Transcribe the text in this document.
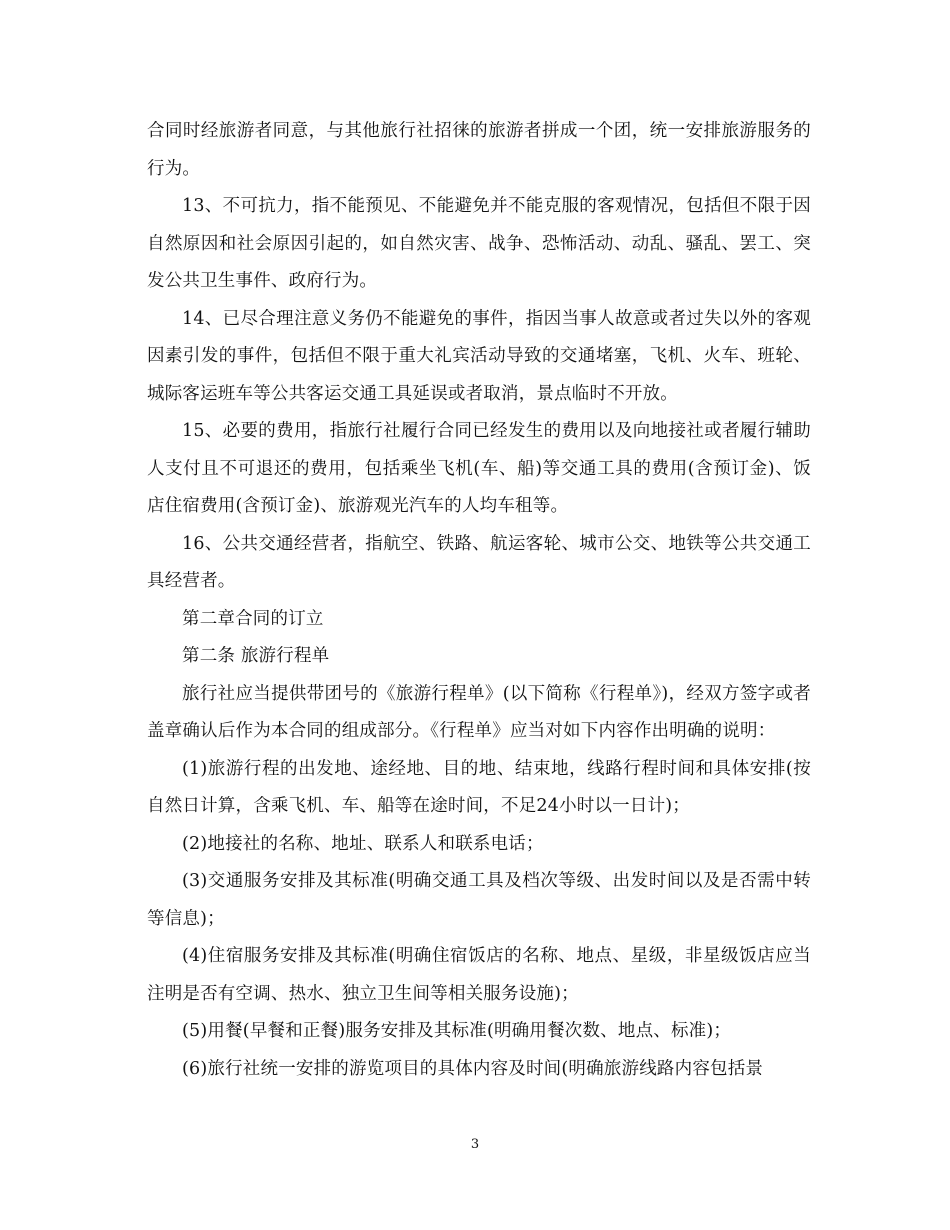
合同时经旅游者同意，与其他旅行社招徕的旅游者拼成一个团，统一安排旅游服务的行为。

13、不可抗力，指不能预见、不能避免并不能克服的客观情况，包括但不限于因自然原因和社会原因引起的，如自然灾害、战争、恐怖活动、动乱、骚乱、罢工、突发公共卫生事件、政府行为。

14、已尽合理注意义务仍不能避免的事件，指因当事人故意或者过失以外的客观因素引发的事件，包括但不限于重大礼宾活动导致的交通堵塞，飞机、火车、班轮、城际客运班车等公共客运交通工具延误或者取消，景点临时不开放。

15、必要的费用，指旅行社履行合同已经发生的费用以及向地接社或者履行辅助人支付且不可退还的费用，包括乘坐飞机(车、船)等交通工具的费用(含预订金)、饭店住宿费用(含预订金)、旅游观光汽车的人均车租等。

16、公共交通经营者，指航空、铁路、航运客轮、城市公交、地铁等公共交通工具经营者。

第二章合同的订立

第二条 旅游行程单

旅行社应当提供带团号的《旅游行程单》(以下简称《行程单》)，经双方签字或者盖章确认后作为本合同的组成部分。《行程单》应当对如下内容作出明确的说明：

(1)旅游行程的出发地、途经地、目的地、结束地，线路行程时间和具体安排(按自然日计算，含乘飞机、车、船等在途时间，不足24小时以一日计)；

(2)地接社的名称、地址、联系人和联系电话；

(3)交通服务安排及其标准(明确交通工具及档次等级、出发时间以及是否需中转等信息)；

(4)住宿服务安排及其标准(明确住宿饭店的名称、地点、星级，非星级饭店应当注明是否有空调、热水、独立卫生间等相关服务设施)；

(5)用餐(早餐和正餐)服务安排及其标准(明确用餐次数、地点、标准)；

(6)旅行社统一安排的游览项目的具体内容及时间(明确旅游线路内容包括景

3
